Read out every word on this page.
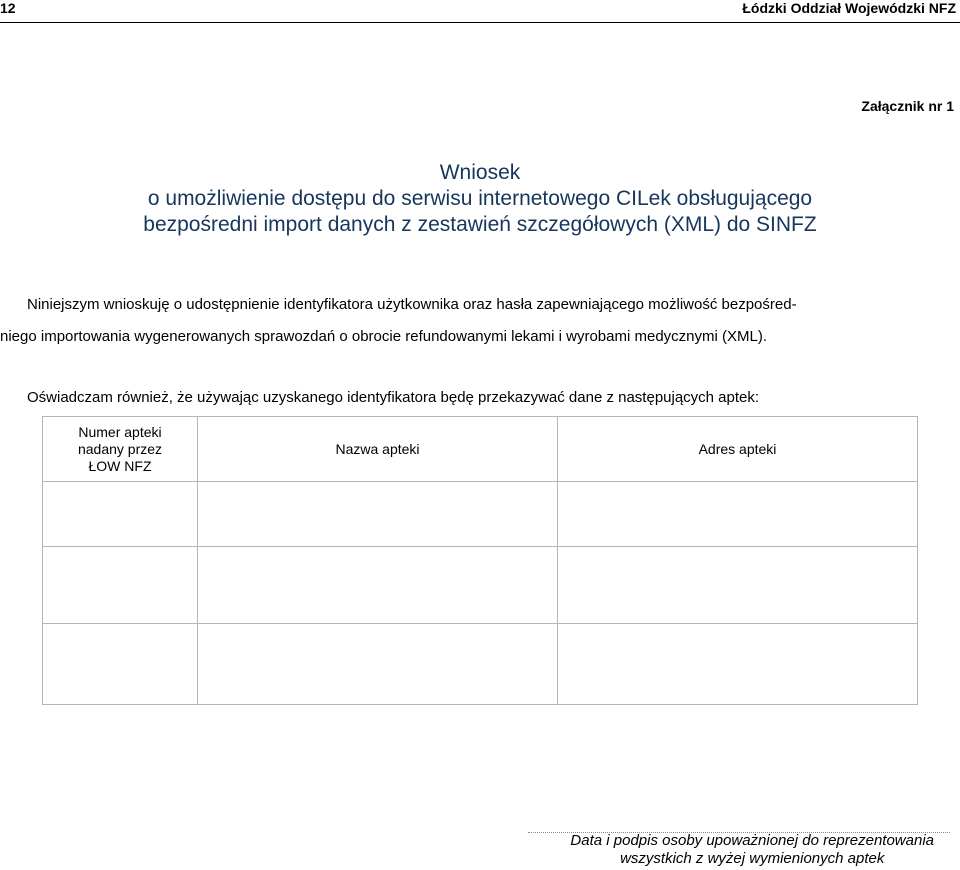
12	Łódzki Oddział Wojewódzki NFZ
Załącznik nr 1
Wniosek
o umożliwienie dostępu do serwisu internetowego CILek obsługującego
bezpośredni import danych z zestawień szczegółowych (XML) do SINFZ
Niniejszym wnioskuję o udostępnienie identyfikatora użytkownika oraz hasła zapewniającego możliwość bezpośred-
niego importowania wygenerowanych sprawozdań o obrocie refundowanymi lekami i wyrobami medycznymi (XML).
Oświadczam również, że używając uzyskanego identyfikatora będę przekazywać dane z następujących aptek:
Numer apteki
nadany przez
ŁOW NFZ	Nazwa apteki	Adres apteki

Data i podpis osoby upoważnionej do reprezentowania
wszystkich z wyżej wymienionych aptek
